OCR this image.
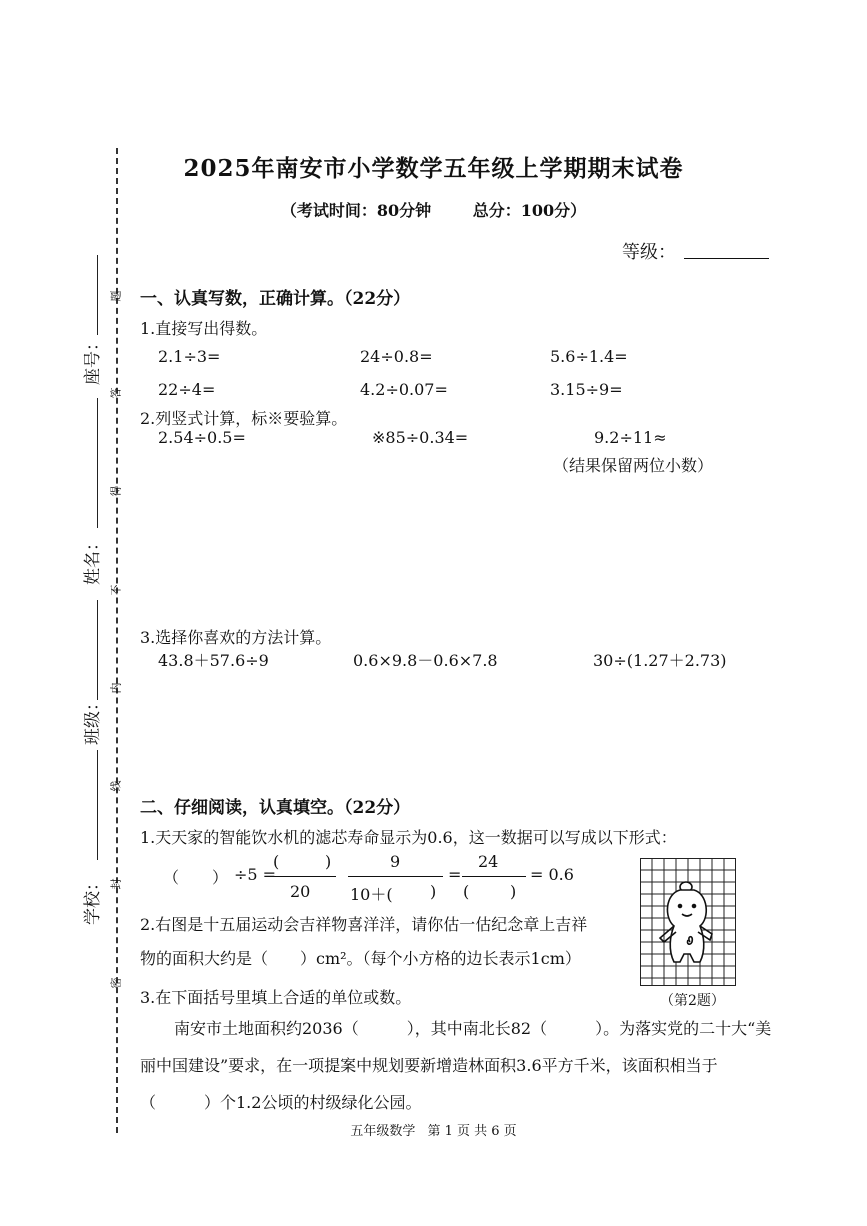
2025年南安市小学数学五年级上学期期末试卷
（考试时间：80分钟	总分：100分）
等级：
座号：
姓名：
班级：
学校：
题
答
得
不
内
线
封
密
一、认真写数，正确计算。（22分）
1.直接写出得数。
2.1÷3=	24÷0.8=	5.6÷1.4=
22÷4=	4.2÷0.07=	3.15÷9=
2.列竖式计算，标※要验算。
2.54÷0.5=	※85÷0.34=	9.2÷11≈
（结果保留两位小数）
3.选择你喜欢的方法计算。
43.8＋57.6÷9	0.6×9.8－0.6×7.8	30÷(1.27＋2.73)
二、仔细阅读，认真填空。（22分）
1.天天家的智能饮水机的滤芯寿命显示为0.6，这一数据可以写成以下形式：
（ ） ÷5 =
(	)
20
9
10＋( )
=
24
(	)
= 0.6
2.右图是十五届运动会吉祥物喜洋洋，请你估一估纪念章上吉祥
物的面积大约是（　　）cm²。（每个小方格的边长表示1cm）
（第2题）
3.在下面括号里填上合适的单位或数。
南安市土地面积约2036（　　　），其中南北长82（　　　）。为落实党的二十大“美丽中国建设”要求，在一项提案中规划要新增造林面积3.6平方千米，该面积相当于（　　　）个1.2公顷的村级绿化公园。
五年级数学 第 1 页 共 6 页
